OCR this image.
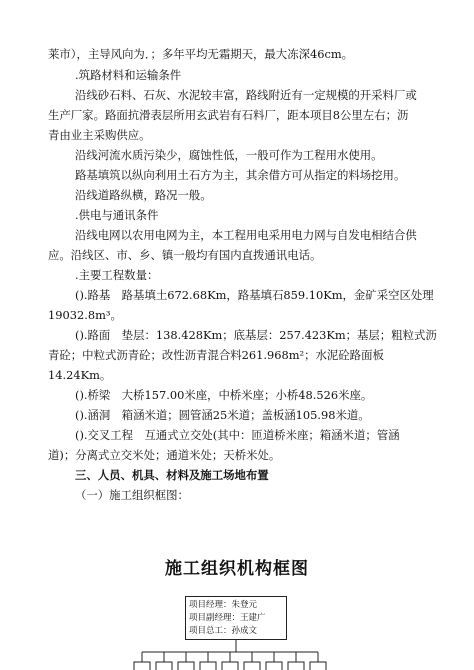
莱市），主导风向为．；多年平均无霜期天，最大冻深46cm。
.筑路材料和运输条件
沿线砂石料、石灰、水泥较丰富，路线附近有一定规模的开采料厂或
生产厂家。路面抗滑表层所用玄武岩有石料厂，距本项目8公里左右；沥
青由业主采购供应。
沿线河流水质污染少，腐蚀性低，一般可作为工程用水使用。
路基填筑以纵向利用土石方为主，其余借方可从指定的料场挖用。
沿线道路纵横，路况一般。
.供电与通讯条件
沿线电网以农用电网为主，本工程用电采用电力网与自发电相结合供
应。沿线区、市、乡、镇一般均有国内直拨通讯电话。
.主要工程数量：
().路基　路基填土672.68Km，路基填石859.10Km，金矿采空区处理
19032.8m³。
().路面　垫层：138.428Km；底基层：257.423Km；基层；粗粒式沥
青砼；中粒式沥青砼；改性沥青混合料261.968m²；水泥砼路面板
14.24Km。
().桥梁　大桥157.00米座，中桥米座；小桥48.526米座。
().涵洞　箱涵米道；圆管涵25米道；盖板涵105.98米道。
().交叉工程　互通式立交处(其中：匝道桥米座；箱涵米道；管涵
道)；分离式立交米处；通道米处；天桥米处。
三、人员、机具、材料及施工场地布置
（一）施工组织框图：
施工组织机构框图
项目经理：朱登元
项目副经理：王建广
项目总工：孙成文
